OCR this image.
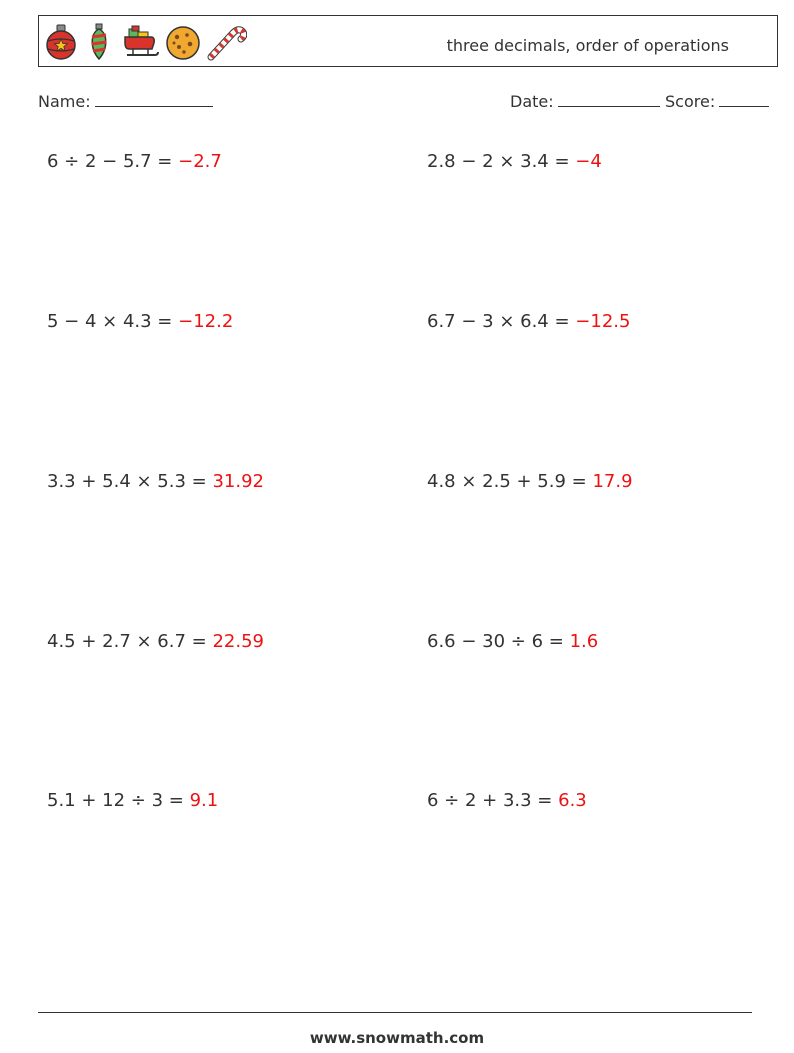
three decimals, order of operations
Name:	Date:	Score:
6 ÷ 2 − 5.7 = −2.7	2.8 − 2 × 3.4 = −4
5 − 4 × 4.3 = −12.2	6.7 − 3 × 6.4 = −12.5
3.3 + 5.4 × 5.3 = 31.92	4.8 × 2.5 + 5.9 = 17.9
4.5 + 2.7 × 6.7 = 22.59	6.6 − 30 ÷ 6 = 1.6
5.1 + 12 ÷ 3 = 9.1	6 ÷ 2 + 3.3 = 6.3
www.snowmath.com
